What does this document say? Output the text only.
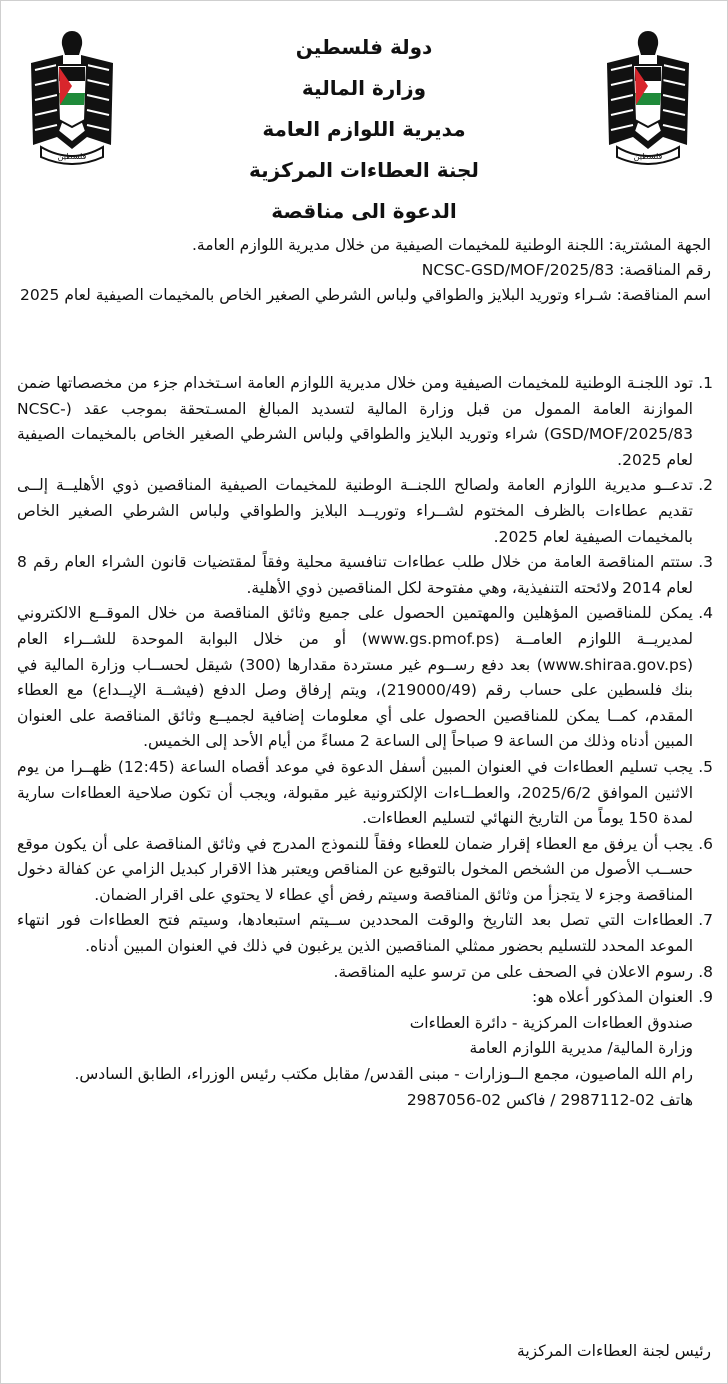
فلسطين	فلسطين
دولة فلسطين
وزارة المالية
مديرية اللوازم العامة
لجنة العطاءات المركزية
الدعوة الى مناقصة
الجهة المشترية: اللجنة الوطنية للمخيمات الصيفية من خلال مديرية اللوازم العامة.
رقم المناقصة: NCSC-GSD/MOF/2025/83
اسم المناقصة: شـراء وتوريد البلايز والطواقي ولباس الشرطي الصغير الخاص بالمخيمات الصيفية لعام 2025

1.
تود اللجنـة الوطنية للمخيمات الصيفية ومن خلال مديرية اللوازم العامة اسـتخدام جزء من مخصصاتها ضمن الموازنة العامة الممول من قبل وزارة المالية لتسديد المبالغ المسـتحقة بموجب عقد (NCSC-GSD/MOF/2025/83) شراء وتوريد البلايز والطواقي ولباس الشرطي الصغير الخاص بالمخيمات الصيفية لعام 2025.

2.
تدعــو مديرية اللوازم العامة ولصالح اللجنــة الوطنية للمخيمات الصيفية المناقصين ذوي الأهليــة إلــى تقديم عطاءات بالظرف المختوم لشــراء وتوريــد البلايز والطواقي ولباس الشرطي الصغير الخاص بالمخيمات الصيفية لعام 2025.

3.
ستتم المناقصة العامة من خلال طلب عطاءات تنافسية محلية وفقاً لمقتضيات قانون الشراء العام رقم 8 لعام 2014 ولائحته التنفيذية، وهي مفتوحة لكل المناقصين ذوي الأهلية.

4.
يمكن للمناقصين المؤهلين والمهتمين الحصول على جميع وثائق المناقصة من خلال الموقــع الالكتروني لمديريــة اللوازم العامــة (www.gs.pmof.ps) أو من خلال البوابة الموحدة للشــراء العام (www.shiraa.gov.ps) بعد دفع رســوم غير مستردة مقدارها (300) شيقل لحســاب وزارة المالية في بنك فلسطين على حساب رقم (219000/49)، ويتم إرفاق وصل الدفع (فيشــة الإيــداع) مع العطاء المقدم، كمــا يمكن للمناقصين الحصول على أي معلومات إضافية لجميــع وثائق المناقصة على العنوان المبين أدناه وذلك من الساعة 9 صباحاً إلى الساعة 2 مساءً من أيام الأحد إلى الخميس.

5.
يجب تسليم العطاءات في العنوان المبين أسفل الدعوة في موعد أقصاه الساعة (12:45) ظهــرا من يوم الاثنين الموافق 2025/6/2، والعطــاءات الإلكترونية غير مقبولة، ويجب أن تكون صلاحية العطاءات سارية لمدة 150 يوماً من التاريخ النهائي لتسليم العطاءات.

6.
يجب أن يرفق مع العطاء إقرار ضمان للعطاء وفقاً للنموذج المدرج في وثائق المناقصة على أن يكون موقع حســب الأصول من الشخص المخول بالتوقيع عن المناقص ويعتبر هذا الاقرار كبديل الزامي عن كفالة دخول المناقصة وجزء لا يتجزأ من وثائق المناقصة وسيتم رفض أي عطاء لا يحتوي على اقرار الضمان.

7.
العطاءات التي تصل بعد التاريخ والوقت المحددين ســيتم استبعادها، وسيتم فتح العطاءات فور انتهاء الموعد المحدد للتسليم بحضور ممثلي المناقصين الذين يرغبون في ذلك في العنوان المبين أدناه.

8.
رسوم الاعلان في الصحف على من ترسو عليه المناقصة.

9.
العنوان المذكور أعلاه هو:

صندوق العطاءات المركزية - دائرة العطاءات
وزارة المالية/ مديرية اللوازم العامة
رام الله الماصيون، مجمع الــوزارات - مبنى القدس/ مقابل مكتب رئيس الوزراء، الطابق السادس.
هاتف 02-2987112 / فاكس 02-2987056
رئيس لجنة العطاءات المركزية
